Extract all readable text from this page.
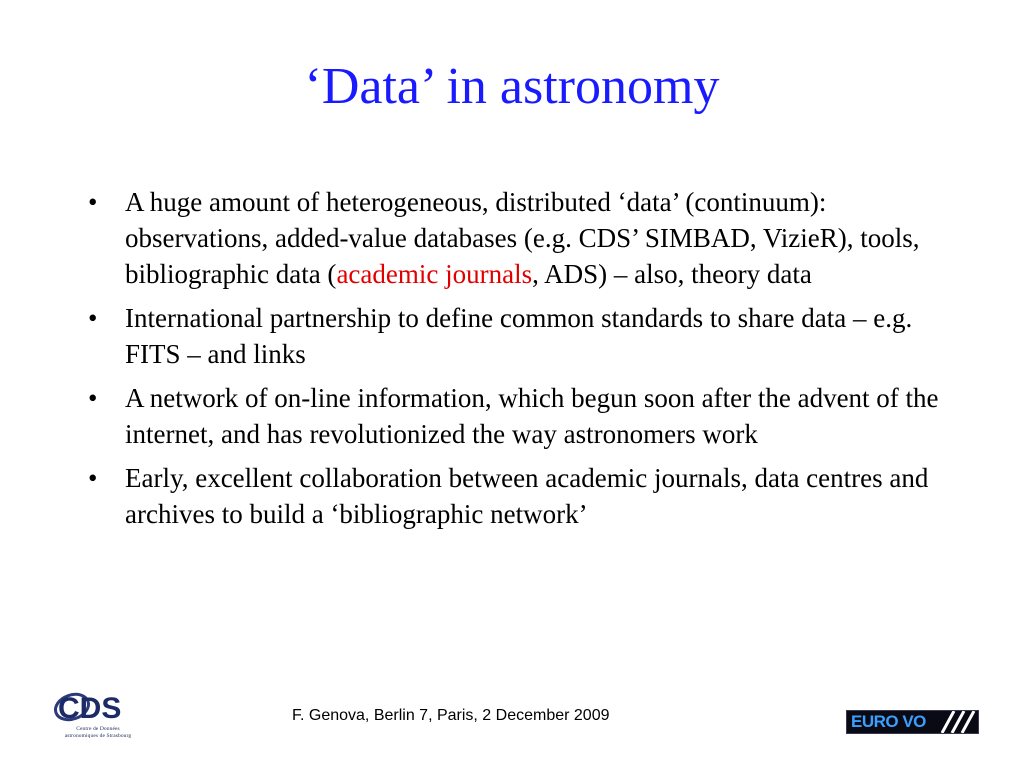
‘Data’ in astronomy
• A huge amount of heterogeneous, distributed ‘data’ (continuum): observations, added-value databases (e.g. CDS’ SIMBAD, VizieR), tools, bibliographic data (academic journals, ADS) – also, theory data
• International partnership to define common standards to share data – e.g. FITS – and links
• A network of on-line information, which begun soon after the advent of the internet, and has revolutionized the way astronomers work
• Early, excellent collaboration between academic journals, data centres and archives to build a ‘bibliographic network’
CDS
Centre de Données
astronomiques de Strasbourg
F. Genova, Berlin 7, Paris, 2 December 2009	EURO VO
